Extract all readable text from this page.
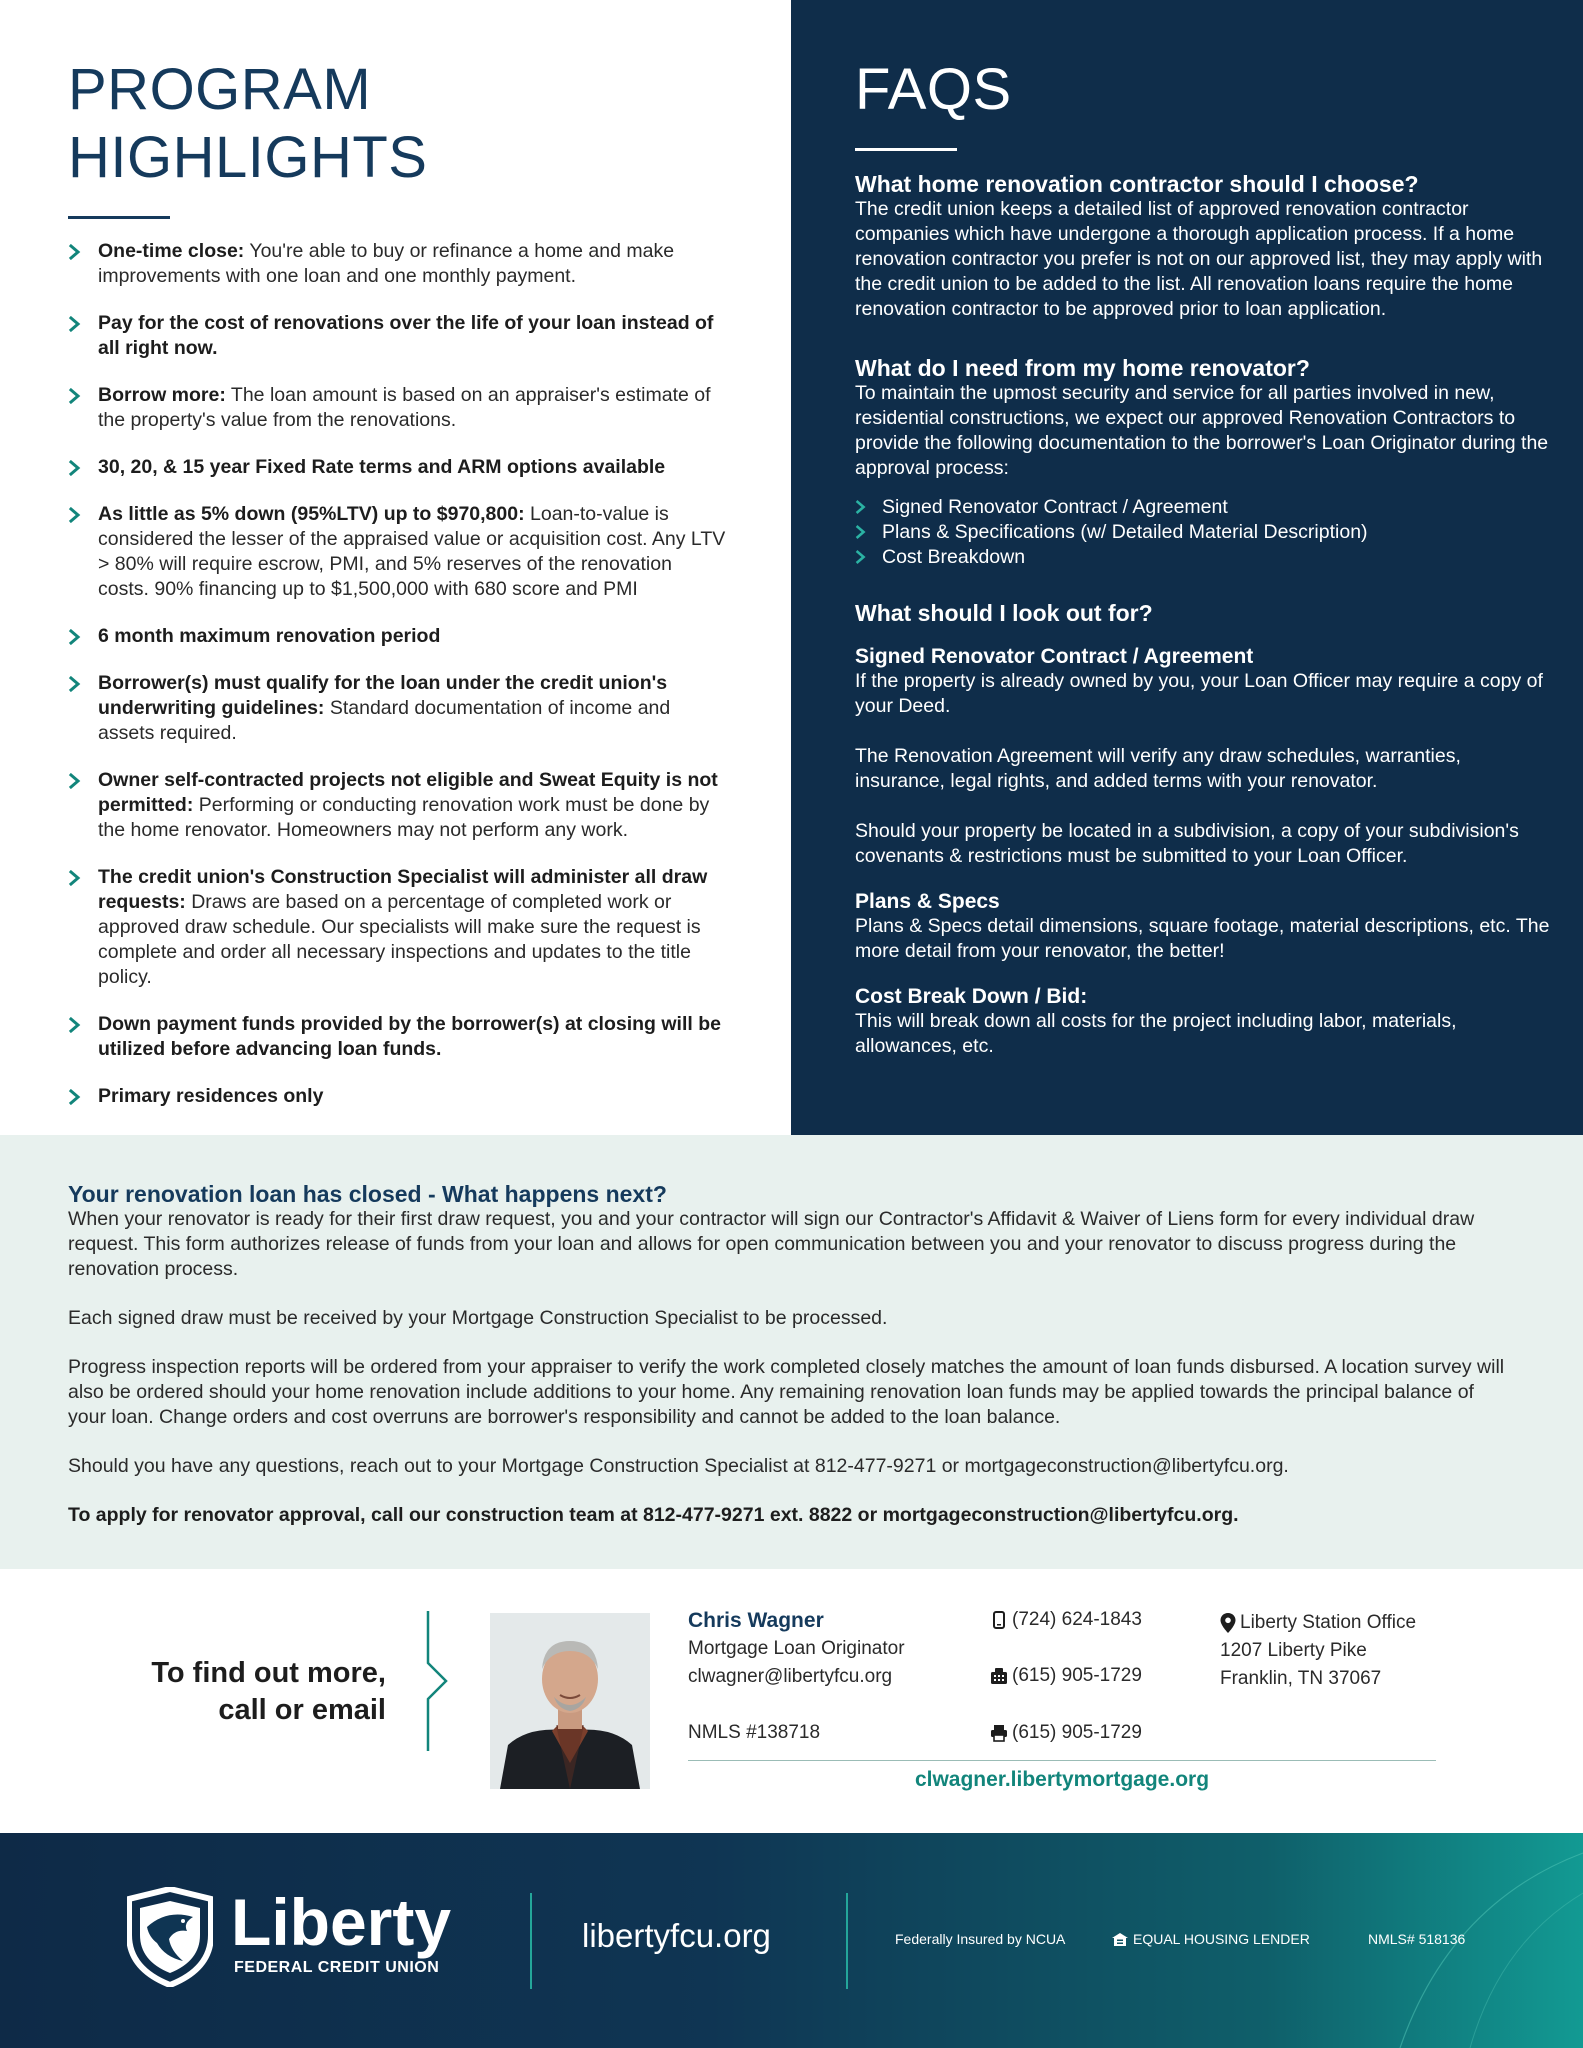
PROGRAM HIGHLIGHTS
One-time close: You're able to buy or refinance a home and make improvements with one loan and one monthly payment.
Pay for the cost of renovations over the life of your loan instead of all right now.
Borrow more: The loan amount is based on an appraiser's estimate of the property's value from the renovations.
30, 20, & 15 year Fixed Rate terms and ARM options available
As little as 5% down (95%LTV) up to $970,800: Loan-to-value is considered the lesser of the appraised value or acquisition cost. Any LTV > 80% will require escrow, PMI, and 5% reserves of the renovation costs. 90% financing up to $1,500,000 with 680 score and PMI
6 month maximum renovation period
Borrower(s) must qualify for the loan under the credit union's underwriting guidelines: Standard documentation of income and assets required.
Owner self-contracted projects not eligible and Sweat Equity is not permitted: Performing or conducting renovation work must be done by the home renovator. Homeowners may not perform any work.
The credit union's Construction Specialist will administer all draw requests: Draws are based on a percentage of completed work or approved draw schedule. Our specialists will make sure the request is complete and order all necessary inspections and updates to the title policy.
Down payment funds provided by the borrower(s) at closing will be utilized before advancing loan funds.
Primary residences only
FAQS
What home renovation contractor should I choose?

The credit union keeps a detailed list of approved renovation contractor companies which have undergone a thorough application process. If a home renovation contractor you prefer is not on our approved list, they may apply with the credit union to be added to the list. All renovation loans require the home renovation contractor to be approved prior to loan application.

What do I need from my home renovator?

To maintain the upmost security and service for all parties involved in new, residential constructions, we expect our approved Renovation Contractors to provide the following documentation to the borrower's Loan Originator during the approval process:

Signed Renovator Contract / Agreement
Plans & Specifications (w/ Detailed Material Description)
Cost Breakdown
What should I look out for?
Signed Renovator Contract / Agreement

If the property is already owned by you, your Loan Officer may require a copy of your Deed.

The Renovation Agreement will verify any draw schedules, warranties, insurance, legal rights, and added terms with your renovator.

Should your property be located in a subdivision, a copy of your subdivision's covenants & restrictions must be submitted to your Loan Officer.

Plans & Specs

Plans & Specs detail dimensions, square footage, material descriptions, etc. The more detail from your renovator, the better!

Cost Break Down / Bid:

This will break down all costs for the project including labor, materials, allowances, etc.

Your renovation loan has closed - What happens next?

When your renovator is ready for their first draw request, you and your contractor will sign our Contractor's Affidavit & Waiver of Liens form for every individual draw request. This form authorizes release of funds from your loan and allows for open communication between you and your renovator to discuss progress during the renovation process.

Each signed draw must be received by your Mortgage Construction Specialist to be processed.

Progress inspection reports will be ordered from your appraiser to verify the work completed closely matches the amount of loan funds disbursed. A location survey will also be ordered should your home renovation include additions to your home. Any remaining renovation loan funds may be applied towards the principal balance of your loan. Change orders and cost overruns are borrower's responsibility and cannot be added to the loan balance.

Should you have any questions, reach out to your Mortgage Construction Specialist at 812-477-9271 or mortgageconstruction@libertyfcu.org.

To apply for renovator approval, call our construction team at 812-477-9271 ext. 8822 or mortgageconstruction@libertyfcu.org.

To find out more,
call or email
Chris Wagner
Mortgage Loan Originator
clwagner@libertyfcu.org
NMLS #138718
(724) 624-1843
(615) 905-1729
(615) 905-1729
Liberty Station Office
1207 Liberty Pike
Franklin, TN 37067
clwagner.libertymortgage.org
Liberty
FEDERAL CREDIT UNION
libertyfcu.org	Federally Insured by NCUA	EQUAL HOUSING LENDER	NMLS# 518136
